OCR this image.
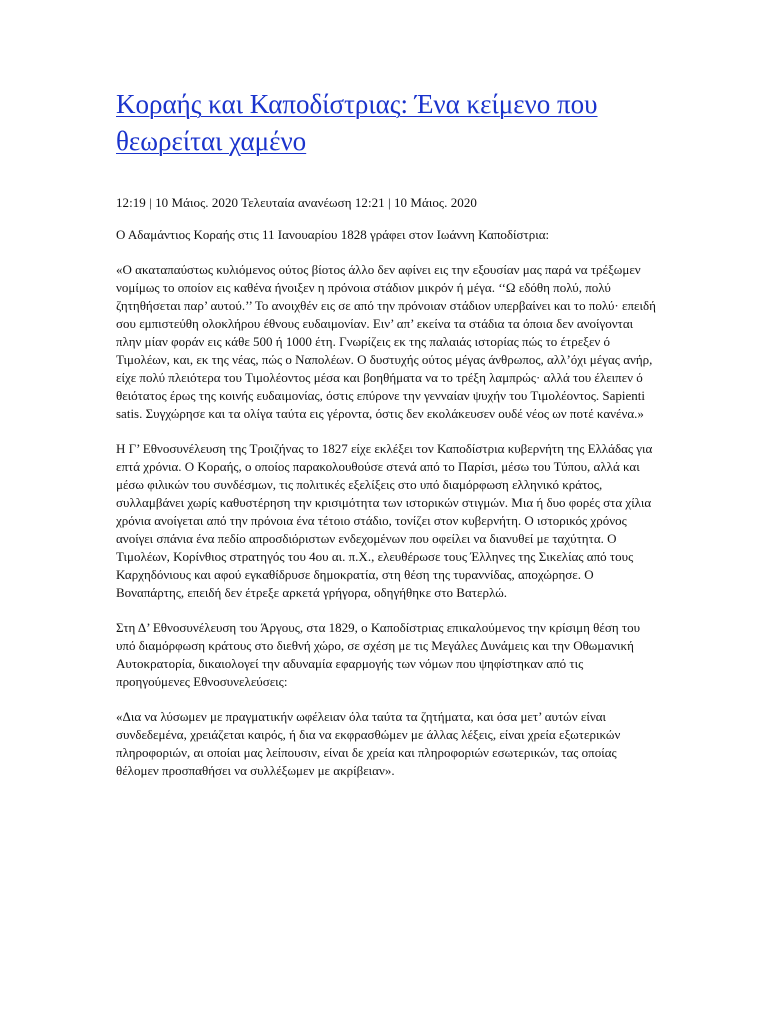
Κοραής και Καποδίστριας: Ένα κείμενο που θεωρείται χαμένο
12:19 | 10 Μάιος. 2020 Τελευταία ανανέωση 12:21 | 10 Μάιος. 2020
Ο Αδαμάντιος Κοραής στις 11 Ιανουαρίου 1828 γράφει στον Ιωάννη Καποδίστρια:
«Ο ακαταπαύστως κυλιόμενος ούτος βίοτος άλλο δεν αφίνει εις την εξουσίαν μας παρά να τρέξωμεν νομίμως το οποίον εις καθένα ήνοιξεν η πρόνοια στάδιον μικρόν ή μέγα. ‘‘Ω εδόθη πολύ, πολύ ζητηθήσεται παρ’ αυτού.’’ Το ανοιχθέν εις σε από την πρόνοιαν στάδιον υπερβαίνει και το πολύ· επειδή σου εμπιστεύθη ολοκλήρου έθνους ευδαιμονίαν. Ειν’ απ’ εκείνα τα στάδια τα όποια δεν ανοίγονται πλην μίαν φοράν εις κάθε 500 ή 1000 έτη. Γνωρίζεις εκ της παλαιάς ιστορίας πώς το έτρεξεν ό Τιμολέων, και, εκ της νέας, πώς ο Ναπολέων. Ο δυστυχής ούτος μέγας άνθρωπος, αλλ’όχι μέγας ανήρ, είχε πολύ πλειότερα του Τιμολέοντος μέσα και βοηθήματα να το τρέξη λαμπρώς· αλλά του έλειπεν ό θειότατος έρως της κοινής ευδαιμονίας, όστις επύρονε την γενναίαν ψυχήν του Τιμολέοντος. Sapienti satis. Συγχώρησε και τα ολίγα ταύτα εις γέροντα, όστις δεν εκολάκευσεν ουδέ νέος ων ποτέ κανένα.»
Η Γ’ Εθνοσυνέλευση της Τροιζήνας το 1827 είχε εκλέξει τον Καποδίστρια κυβερνήτη της Ελλάδας για επτά χρόνια. Ο Κοραής, ο οποίος παρακολουθούσε στενά από το Παρίσι, μέσω του Τύπου, αλλά και μέσω φιλικών του συνδέσμων, τις πολιτικές εξελίξεις στο υπό διαμόρφωση ελληνικό κράτος, συλλαμβάνει χωρίς καθυστέρηση την κρισιμότητα των ιστορικών στιγμών. Μια ή δυο φορές στα χίλια χρόνια ανοίγεται από την πρόνοια ένα τέτοιο στάδιο, τονίζει στον κυβερνήτη. Ο ιστορικός χρόνος ανοίγει σπάνια ένα πεδίο απροσδιόριστων ενδεχομένων που οφείλει να διανυθεί με ταχύτητα. Ο Τιμολέων, Κορίνθιος στρατηγός του 4ου αι. π.Χ., ελευθέρωσε τους Έλληνες της Σικελίας από τους Καρχηδόνιους και αφού εγκαθίδρυσε δημοκρατία, στη θέση της τυραννίδας, αποχώρησε. Ο Βοναπάρτης, επειδή δεν έτρεξε αρκετά γρήγορα, οδηγήθηκε στο Βατερλώ.
Στη Δ’ Εθνοσυνέλευση του Άργους, στα 1829, ο Καποδίστριας επικαλούμενος την κρίσιμη θέση του υπό διαμόρφωση κράτους στο διεθνή χώρο, σε σχέση με τις Μεγάλες Δυνάμεις και την Οθωμανική Αυτοκρατορία, δικαιολογεί την αδυναμία εφαρμογής των νόμων που ψηφίστηκαν από τις προηγούμενες Εθνοσυνελεύσεις:
«Δια να λύσωμεν με πραγματικήν ωφέλειαν όλα ταύτα τα ζητήματα, και όσα μετ’ αυτών είναι συνδεδεμένα, χρειάζεται καιρός, ή δια να εκφρασθώμεν με άλλας λέξεις, είναι χρεία εξωτερικών πληροφοριών, αι οποίαι μας λείπουσιν, είναι δε χρεία και πληροφοριών εσωτερικών, τας οποίας θέλομεν προσπαθήσει να συλλέξωμεν με ακρίβειαν».
